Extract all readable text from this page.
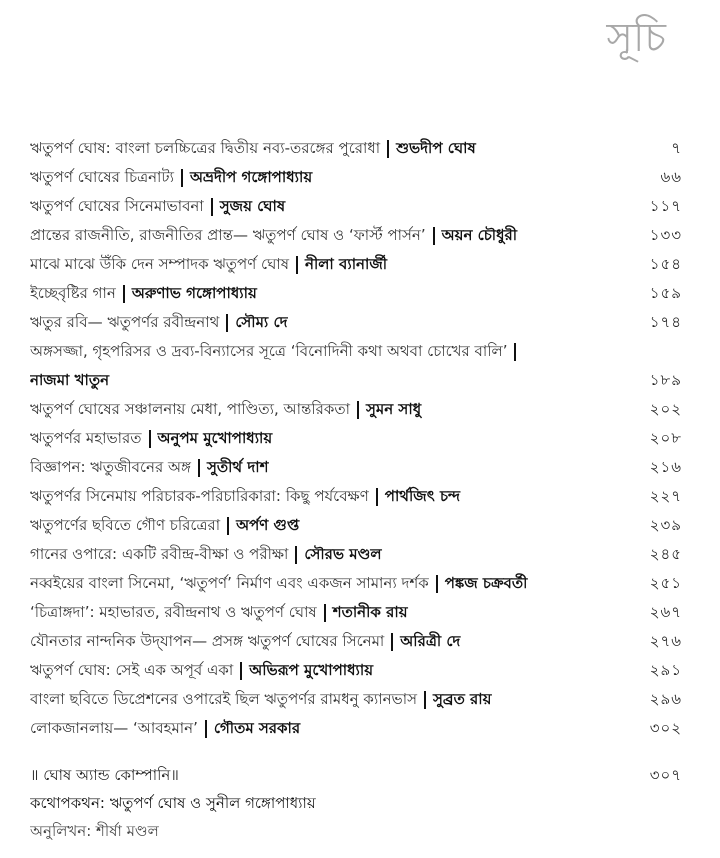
সূচি
ঋতুপর্ণ ঘোষ: বাংলা চলচ্চিত্রের দ্বিতীয় নব্য-তরঙ্গের পুরোধা শুভদীপ ঘোষ	৭
ঋতুপর্ণ ঘোষের চিত্রনাট্য অভ্রদীপ গঙ্গোপাধ্যায়	৬৬
ঋতুপর্ণ ঘোষের সিনেমাভাবনা সুজয় ঘোষ	১১৭
প্রান্তের রাজনীতি, রাজনীতির প্রান্ত— ঋতুপর্ণ ঘোষ ও ‘ফার্স্ট পার্সন’ অয়ন চৌধুরী	১৩৩
মাঝে মাঝে উঁকি দেন সম্পাদক ঋতুপর্ণ ঘোষ নীলা ব্যানার্জী	১৫৪
ইচ্ছেবৃষ্টির গান অরুণাভ গঙ্গোপাধ্যায়	১৫৯
ঋতুর রবি— ঋতুপর্ণর রবীন্দ্রনাথ সৌম্য দে	১৭৪
অঙ্গসজ্জা, গৃহপরিসর ও দ্রব্য-বিন্যাসের সূত্রে ‘বিনোদিনী কথা অথবা চোখের বালি’
নাজমা খাতুন	১৮৯
ঋতুপর্ণ ঘোষের সঞ্চালনায় মেধা, পাণ্ডিত্য, আন্তরিকতা সুমন সাধু	২০২
ঋতুপর্ণর মহাভারত অনুপম মুখোপাধ্যায়	২০৮
বিজ্ঞাপন: ঋতুজীবনের অঙ্গ সুতীর্থ দাশ	২১৬
ঋতুপর্ণর সিনেমায় পরিচারক-পরিচারিকারা: কিছু পর্যবেক্ষণ পার্থজিৎ চন্দ	২২৭
ঋতুপর্ণের ছবিতে গৌণ চরিত্রেরা অর্পণ গুপ্ত	২৩৯
গানের ওপারে: একটি রবীন্দ্র-বীক্ষা ও পরীক্ষা সৌরভ মণ্ডল	২৪৫
নব্বইয়ের বাংলা সিনেমা, ‘ঋতুপর্ণ’ নির্মাণ এবং একজন সামান্য দর্শক পঙ্কজ চক্রবর্তী	২৫১
‘চিত্রাঙ্গদা’: মহাভারত, রবীন্দ্রনাথ ও ঋতুপর্ণ ঘোষ শতানীক রায়	২৬৭
যৌনতার নান্দনিক উদ্‌যাপন— প্রসঙ্গ ঋতুপর্ণ ঘোষের সিনেমা অরিত্রী দে	২৭৬
ঋতুপর্ণ ঘোষ: সেই এক অপূর্ব একা অভিরূপ মুখোপাধ্যায়	২৯১
বাংলা ছবিতে ডিপ্রেশনের ওপারেই ছিল ঋতুপর্ণর রামধনু ক্যানভাস সুব্রত রায়	২৯৬
লোকজানলায়— ‘আবহমান’ গৌতম সরকার	৩০২
॥ ঘোষ অ্যান্ড কোম্পানি॥	৩০৭
কথোপকথন: ঋতুপর্ণ ঘোষ ও সুনীল গঙ্গোপাধ্যায়
অনুলিখন: শীর্ষা মণ্ডল
